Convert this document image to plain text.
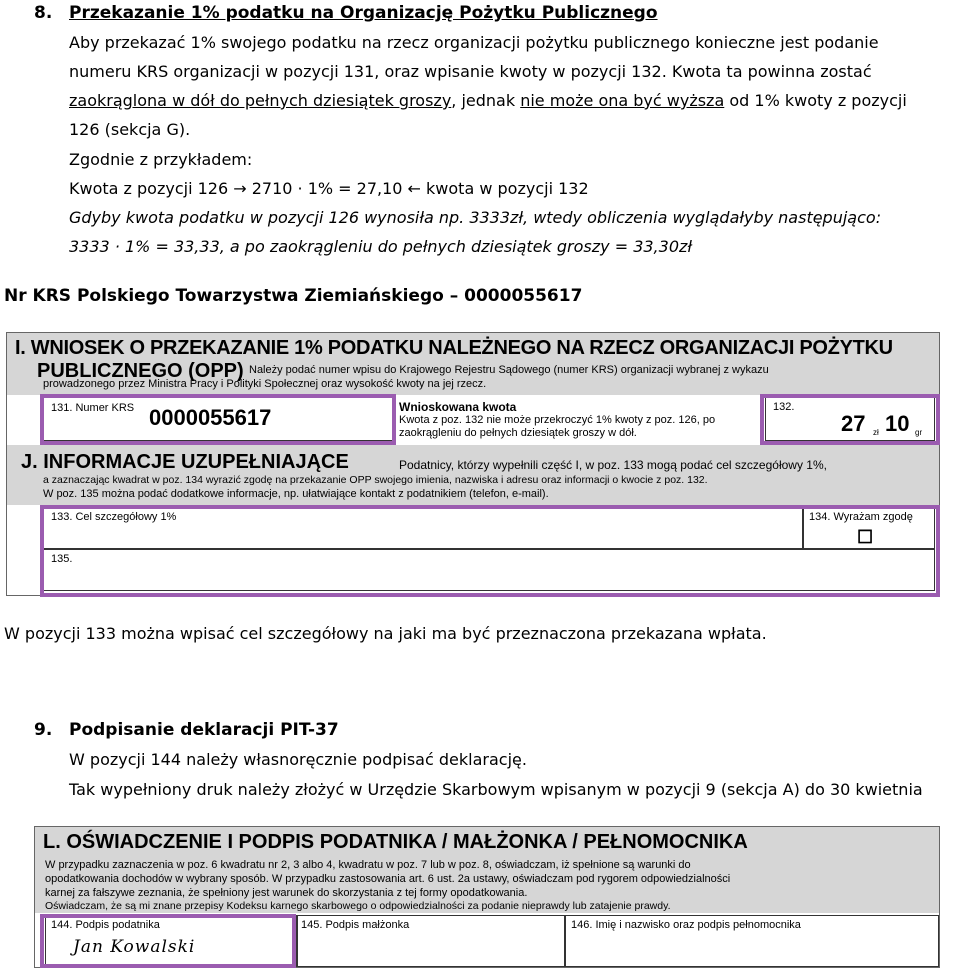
8. Przekazanie 1% podatku na Organizację Pożytku Publicznego
Aby przekazać 1% swojego podatku na rzecz organizacji pożytku publicznego konieczne jest podanie
numeru KRS organizacji w pozycji 131, oraz wpisanie kwoty w pozycji 132. Kwota ta powinna zostać
zaokrąglona w dół do pełnych dziesiątek groszy, jednak nie może ona być wyższa od 1% kwoty z pozycji
126 (sekcja G).
Zgodnie z przykładem:
Kwota z pozycji 126 → 2710 · 1% = 27,10 ← kwota w pozycji 132
Gdyby kwota podatku w pozycji 126 wynosiła np. 3333zł, wtedy obliczenia wyglądałyby następująco:
3333 · 1% = 33,33, a po zaokrągleniu do pełnych dziesiątek groszy = 33,30zł
Nr KRS Polskiego Towarzystwa Ziemiańskiego – 0000055617
I. WNIOSEK O PRZEKAZANIE 1% PODATKU NALEŻNEGO NA RZECZ ORGANIZACJI POŻYTKU
PUBLICZNEGO (OPP) Należy podać numer wpisu do Krajowego Rejestru Sądowego (numer KRS) organizacji wybranej z wykazu
prowadzonego przez Ministra Pracy i Polityki Społecznej oraz wysokość kwoty na jej rzecz.
131. Numer KRS 0000055617	Wnioskowana kwota
Kwota z poz. 132 nie może przekroczyć 1% kwoty z poz. 126, po
zaokrągleniu do pełnych dziesiątek groszy w dół.
132.
27 zł 10 gr
J. INFORMACJE UZUPEŁNIAJĄCE	Podatnicy, którzy wypełnili część I, w poz. 133 mogą podać cel szczegółowy 1%,
a zaznaczając kwadrat w poz. 134 wyrazić zgodę na przekazanie OPP swojego imienia, nazwiska i adresu oraz informacji o kwocie z poz. 132.
W poz. 135 można podać dodatkowe informacje, np. ułatwiające kontakt z podatnikiem (telefon, e-mail).
133. Cel szczegółowy 1%	134. Wyrażam zgodę
☐
135.
W pozycji 133 można wpisać cel szczegółowy na jaki ma być przeznaczona przekazana wpłata.
9. Podpisanie deklaracji PIT-37
W pozycji 144 należy własnoręcznie podpisać deklarację.
Tak wypełniony druk należy złożyć w Urzędzie Skarbowym wpisanym w pozycji 9 (sekcja A) do 30 kwietnia
L. OŚWIADCZENIE I PODPIS PODATNIKA / MAŁŻONKA / PEŁNOMOCNIKA
W przypadku zaznaczenia w poz. 6 kwadratu nr 2, 3 albo 4, kwadratu w poz. 7 lub w poz. 8, oświadczam, iż spełnione są warunki do
opodatkowania dochodów w wybrany sposób. W przypadku zastosowania art. 6 ust. 2a ustawy, oświadczam pod rygorem odpowiedzialności
karnej za fałszywe zeznania, że spełniony jest warunek do skorzystania z tej formy opodatkowania.
Oświadczam, że są mi znane przepisy Kodeksu karnego skarbowego o odpowiedzialności za podanie nieprawdy lub zatajenie prawdy.
144. Podpis podatnika
Jan Kowalski
145. Podpis małżonka	146. Imię i nazwisko oraz podpis pełnomocnika
